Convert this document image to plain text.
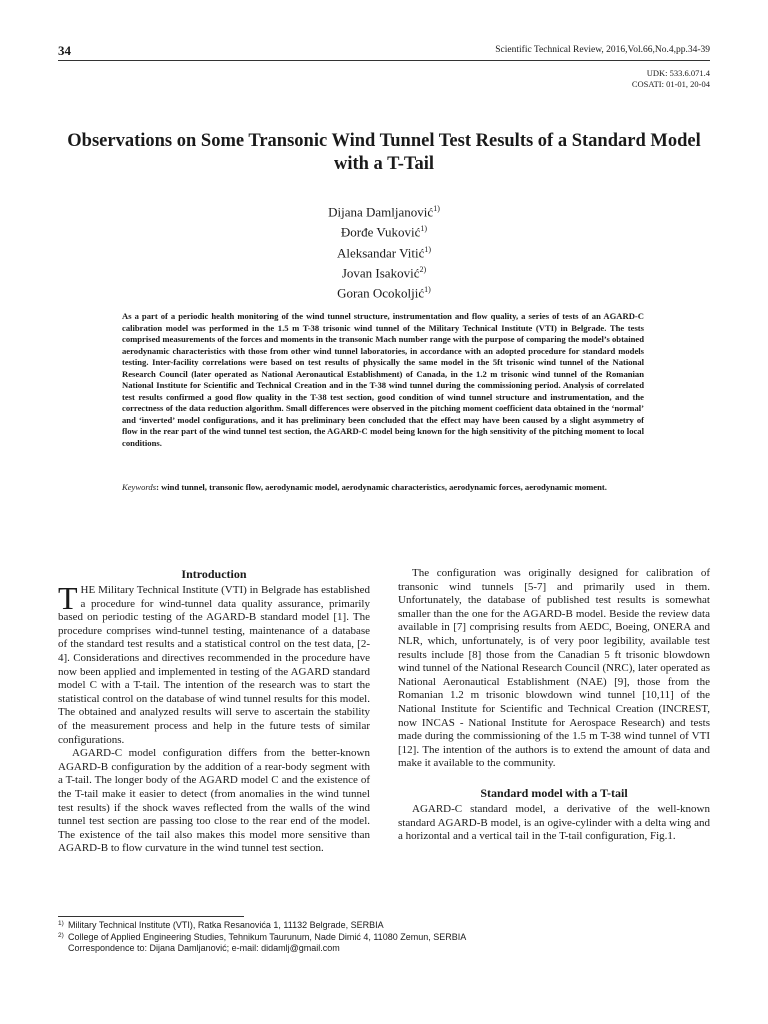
34	Scientific Technical Review, 2016,Vol.66,No.4,pp.34-39
UDK: 533.6.071.4
COSATI: 01-01, 20-04
Observations on Some Transonic Wind Tunnel Test Results of a Standard Model with a T-Tail
Dijana Damljanović$^{1)}$
Đorđe Vuković$^{1)}$
Aleksandar Vitić$^{1)}$
Jovan Isaković$^{2)}$
Goran Ocokoljić$^{1)}$
As a part of a periodic health monitoring of the wind tunnel structure, instrumentation and flow quality, a series of tests of an AGARD-C calibration model was performed in the 1.5 m T-38 trisonic wind tunnel of the Military Technical Institute (VTI) in Belgrade. The tests comprised measurements of the forces and moments in the transonic Mach number range with the purpose of comparing the model’s obtained aerodynamic characteristics with those from other wind tunnel laboratories, in accordance with an adopted procedure for standard models testing. Inter-facility correlations were based on test results of physically the same model in the 5ft trisonic wind tunnel of the National Research Council (later operated as National Aeronautical Establishment) of Canada, in the 1.2 m trisonic wind tunnel of the Romanian National Institute for Scientific and Technical Creation and in the T-38 wind tunnel during the commissioning period. Analysis of correlated test results confirmed a good flow quality in the T-38 test section, good condition of wind tunnel structure and instrumentation, and the correctness of the data reduction algorithm. Small differences were observed in the pitching moment coefficient data obtained in the ‘normal’ and ‘inverted’ model configurations, and it has preliminary been concluded that the effect may have been caused by a slight asymmetry of flow in the rear part of the wind tunnel test section, the AGARD-C model being known for the high sensitivity of the pitching moment to local conditions.
Keywords: wind tunnel, transonic flow, aerodynamic model, aerodynamic characteristics, aerodynamic forces, aerodynamic moment.
Introduction

THE Military Technical Institute (VTI) in Belgrade has established a procedure for wind-tunnel data quality assurance, primarily based on periodic testing of the AGARD-B standard model [1]. The procedure comprises wind-tunnel testing, maintenance of a database of the standard test results and a statistical control on the test data, [2-4]. Considerations and directives recommended in the procedure have now been applied and implemented in testing of the AGARD standard model C with a T-tail. The intention of the research was to start the statistical control on the database of wind tunnel results for this model. The obtained and analyzed results will serve to ascertain the stability of the measurement process and help in the future tests of similar configurations.

AGARD-C model configuration differs from the better-known AGARD-B configuration by the addition of a rear-body segment with a T-tail. The longer body of the AGARD model C and the existence of the T-tail make it easier to detect (from anomalies in the wind tunnel test results) if the shock waves reflected from the walls of the wind tunnel test section are passing too close to the rear end of the model. The existence of the tail also makes this model more sensitive than AGARD-B to flow curvature in the wind tunnel test section.

The configuration was originally designed for calibration of transonic wind tunnels [5-7] and primarily used in them. Unfortunately, the database of published test results is somewhat smaller than the one for the AGARD-B model. Beside the review data available in [7] comprising results from AEDC, Boeing, ONERA and NLR, which, unfortunately, is of very poor legibility, available test results include [8] those from the Canadian 5 ft trisonic blowdown wind tunnel of the National Research Council (NRC), later operated as National Aeronautical Establishment (NAE) [9], those from the Romanian 1.2 m trisonic blowdown wind tunnel [10,11] of the National Institute for Scientific and Technical Creation (INCREST, now INCAS - National Institute for Aerospace Research) and tests made during the commissioning of the 1.5 m T-38 wind tunnel of VTI [12]. The intention of the authors is to extend the amount of data and make it available to the community.

Standard model with a T-tail

AGARD-C standard model, a derivative of the well-known standard AGARD-B model, is an ogive-cylinder with a delta wing and a horizontal and a vertical tail in the T-tail configuration, Fig.1.

1) Military Technical Institute (VTI), Ratka Resanovića 1, 11132 Belgrade, SERBIA
2) College of Applied Engineering Studies, Tehnikum Taurunum, Nade Dimić 4, 11080 Zemun, SERBIA
Correspondence to: Dijana Damljanović; e-mail: didamlj@gmail.com
